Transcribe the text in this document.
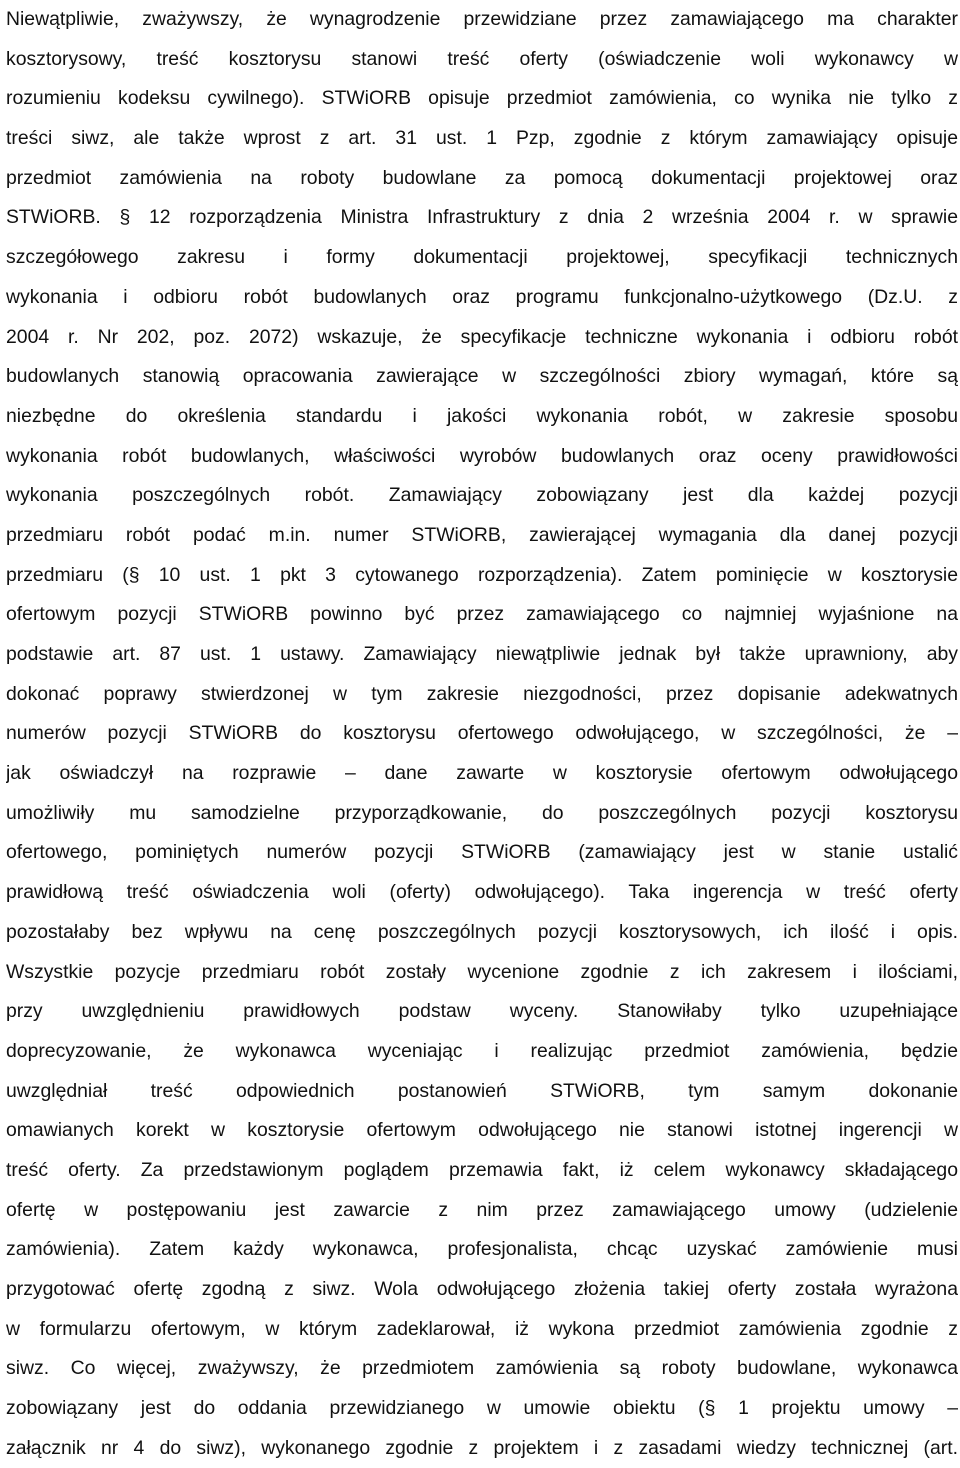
Niewątpliwie, zważywszy, że wynagrodzenie przewidziane przez zamawiającego ma charakter
kosztorysowy, treść kosztorysu stanowi treść oferty (oświadczenie woli wykonawcy w
rozumieniu kodeksu cywilnego). STWiORB opisuje przedmiot zamówienia, co wynika nie tylko z
treści siwz, ale także wprost z art. 31 ust. 1 Pzp, zgodnie z którym zamawiający opisuje
przedmiot zamówienia na roboty budowlane za pomocą dokumentacji projektowej oraz
STWiORB. § 12 rozporządzenia Ministra Infrastruktury z dnia 2 września 2004 r. w sprawie
szczegółowego zakresu i formy dokumentacji projektowej, specyfikacji technicznych
wykonania i odbioru robót budowlanych oraz programu funkcjonalno-użytkowego (Dz.U. z
2004 r. Nr 202, poz. 2072) wskazuje, że specyfikacje techniczne wykonania i odbioru robót
budowlanych stanowią opracowania zawierające w szczególności zbiory wymagań, które są
niezbędne do określenia standardu i jakości wykonania robót, w zakresie sposobu
wykonania robót budowlanych, właściwości wyrobów budowlanych oraz oceny prawidłowości
wykonania poszczególnych robót. Zamawiający zobowiązany jest dla każdej pozycji
przedmiaru robót podać m.in. numer STWiORB, zawierającej wymagania dla danej pozycji
przedmiaru (§ 10 ust. 1 pkt 3 cytowanego rozporządzenia). Zatem pominięcie w kosztorysie
ofertowym pozycji STWiORB powinno być przez zamawiającego co najmniej wyjaśnione na
podstawie art. 87 ust. 1 ustawy. Zamawiający niewątpliwie jednak był także uprawniony, aby
dokonać poprawy stwierdzonej w tym zakresie niezgodności, przez dopisanie adekwatnych
numerów pozycji STWiORB do kosztorysu ofertowego odwołującego, w szczególności, że –
jak oświadczył na rozprawie – dane zawarte w kosztorysie ofertowym odwołującego
umożliwiły mu samodzielne przyporządkowanie, do poszczególnych pozycji kosztorysu
ofertowego, pominiętych numerów pozycji STWiORB (zamawiający jest w stanie ustalić
prawidłową treść oświadczenia woli (oferty) odwołującego). Taka ingerencja w treść oferty
pozostałaby bez wpływu na cenę poszczególnych pozycji kosztorysowych, ich ilość i opis.
Wszystkie pozycje przedmiaru robót zostały wycenione zgodnie z ich zakresem i ilościami,
przy uwzględnieniu prawidłowych podstaw wyceny. Stanowiłaby tylko uzupełniające
doprecyzowanie, że wykonawca wyceniając i realizując przedmiot zamówienia, będzie
uwzględniał treść odpowiednich postanowień STWiORB, tym samym dokonanie
omawianych korekt w kosztorysie ofertowym odwołującego nie stanowi istotnej ingerencji w
treść oferty. Za przedstawionym poglądem przemawia fakt, iż celem wykonawcy składającego
ofertę w postępowaniu jest zawarcie z nim przez zamawiającego umowy (udzielenie
zamówienia). Zatem każdy wykonawca, profesjonalista, chcąc uzyskać zamówienie musi
przygotować ofertę zgodną z siwz. Wola odwołującego złożenia takiej oferty została wyrażona
w formularzu ofertowym, w którym zadeklarował, iż wykona przedmiot zamówienia zgodnie z
siwz. Co więcej, zważywszy, że przedmiotem zamówienia są roboty budowlane, wykonawca
zobowiązany jest do oddania przewidzianego w umowie obiektu (§ 1 projektu umowy –
załącznik nr 4 do siwz), wykonanego zgodnie z projektem i z zasadami wiedzy technicznej (art.
